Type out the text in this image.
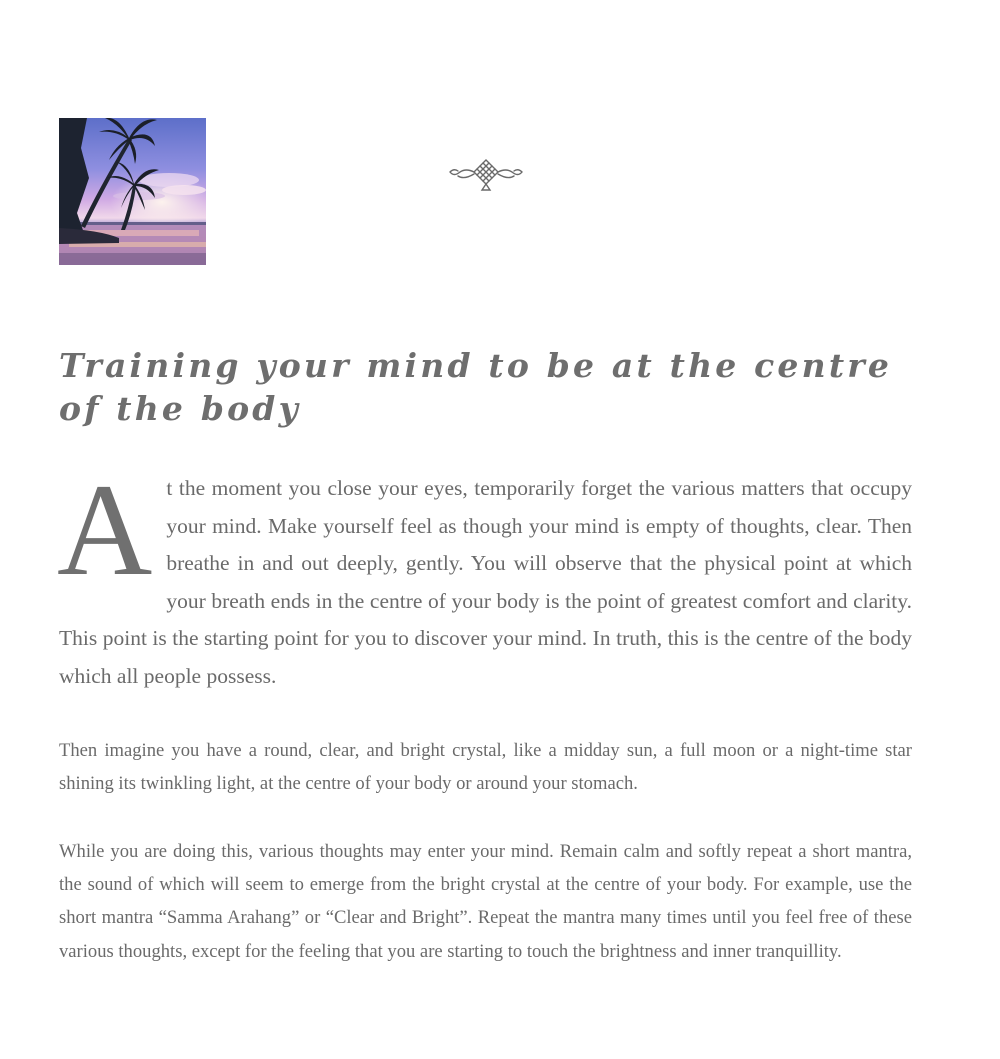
Training your mind to be at the centre of the body

At the moment you close your eyes, temporarily forget the various matters that occupy your mind. Make yourself feel as though your mind is empty of thoughts, clear. Then breathe in and out deeply, gently. You will observe that the physical point at which your breath ends in the centre of your body is the point of greatest comfort and clarity. This point is the starting point for you to discover your mind. In truth, this is the centre of the body which all people possess.

Then imagine you have a round, clear, and bright crystal, like a midday sun, a full moon or a night-time star shining its twinkling light, at the centre of your body or around your stomach.

While you are doing this, various thoughts may enter your mind. Remain calm and softly repeat a short mantra, the sound of which will seem to emerge from the bright crystal at the centre of your body. For example, use the short mantra “Samma Arahang” or “Clear and Bright”. Repeat the mantra many times until you feel free of these various thoughts, except for the feeling that you are starting to touch the brightness and inner tranquillity.
